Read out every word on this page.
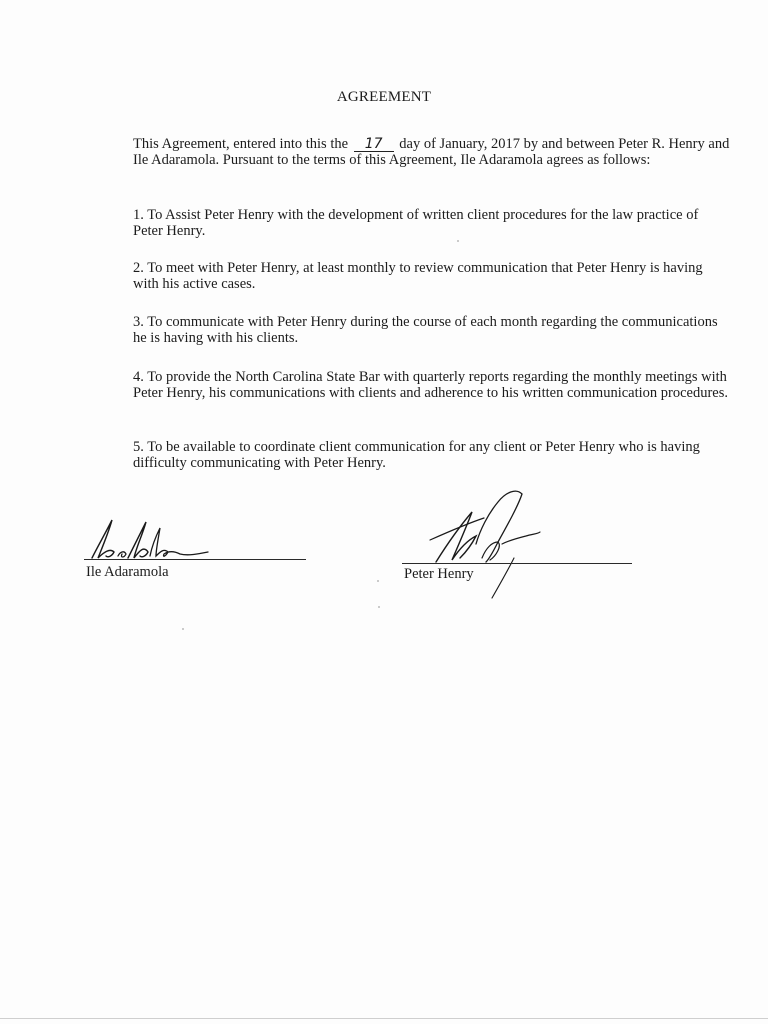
AGREEMENT

This Agreement, entered into this the 17 day of January, 2017 by and between Peter R. Henry and Ile Adaramola. Pursuant to the terms of this Agreement, Ile Adaramola agrees as follows:

1. To Assist Peter Henry with the development of written client procedures for the law practice of Peter Henry.

2. To meet with Peter Henry, at least monthly to review communication that Peter Henry is having with his active cases.

3. To communicate with Peter Henry during the course of each month regarding the communications he is having with his clients.

4. To provide the North Carolina State Bar with quarterly reports regarding the monthly meetings with Peter Henry, his communications with clients and adherence to his written communication procedures.

5. To be available to coordinate client communication for any client or Peter Henry who is having difficulty communicating with Peter Henry.

Ile Adaramola	Peter Henry
